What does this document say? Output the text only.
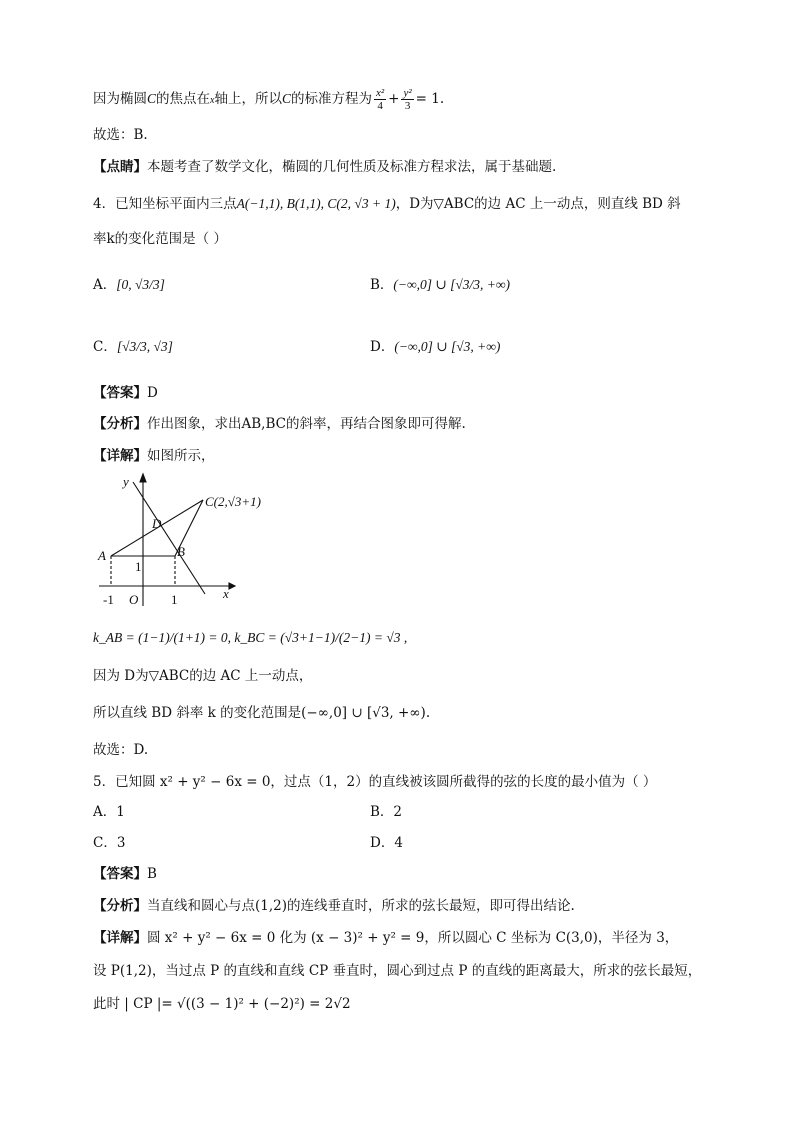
因为椭圆C的焦点在x轴上，所以C的标准方程为 $\frac{\text{x²}}{4} + \frac{\text{y²}}{3} = 1$.
故选：B.
【点睛】本题考查了数学文化，椭圆的几何性质及标准方程求法，属于基础题.
4．已知坐标平面内三点A(−1,1), B(1,1), C(2, √3 + 1)，D为▽ABC的边 AC 上一动点，则直线 BD 斜
率k的变化范围是（ ）
A．[0, √3/3]	B．(−∞,0] ∪ [√3/3, +∞)
C．[√3/3, √3]	D．(−∞,0] ∪ [√3, +∞)
【答案】D
【分析】作出图象，求出AB,BC的斜率，再结合图象即可得解.
【详解】如图所示，
y
x
O
A	B
C(2,√3+1)
D
1
-1	1
k_AB = (1−1)/(1+1) = 0, k_BC = (√3+1−1)/(2−1) = √3 ,
因为 D为▽ABC的边 AC 上一动点，
所以直线 BD 斜率 k 的变化范围是(−∞,0] ∪ [√3, +∞).
故选：D.
5．已知圆 x² + y² − 6x = 0，过点（1，2）的直线被该圆所截得的弦的长度的最小值为（ ）
A．1	B．2
C．3	D．4
【答案】B
【分析】当直线和圆心与点(1,2)的连线垂直时，所求的弦长最短，即可得出结论.
【详解】圆 x² + y² − 6x = 0 化为 (x − 3)² + y² = 9，所以圆心 C 坐标为 C(3,0)，半径为 3，
设 P(1,2)，当过点 P 的直线和直线 CP 垂直时，圆心到过点 P 的直线的距离最大，所求的弦长最短，
此时 | CP |= √((3 − 1)² + (−2)²) = 2√2
